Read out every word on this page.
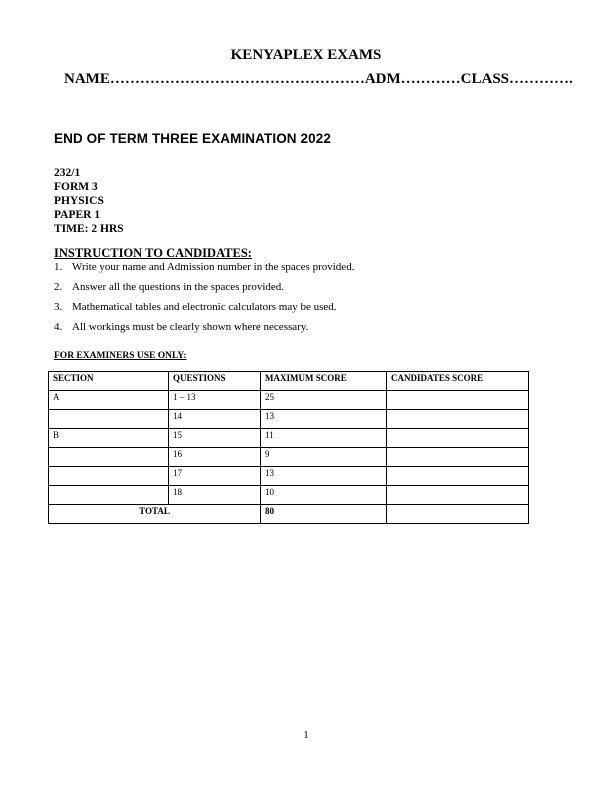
KENYAPLEX EXAMS
NAME……………………………………………ADM…………CLASS………….
END OF TERM THREE EXAMINATION 2022
232/1
FORM 3
PHYSICS
PAPER 1
TIME: 2 HRS
INSTRUCTION TO CANDIDATES:
1. Write your name and Admission number in the spaces provided.
2. Answer all the questions in the spaces provided.
3. Mathematical tables and electronic calculators may be used.
4. All workings must be clearly shown where necessary.
FOR EXAMINERS USE ONLY:
SECTION	QUESTIONS	MAXIMUM SCORE	CANDIDATES SCORE
A	1 – 13	25	
	14	13	
B	15	11	
	16	9	
	17	13	
	18	10	
TOTAL		80	
1
